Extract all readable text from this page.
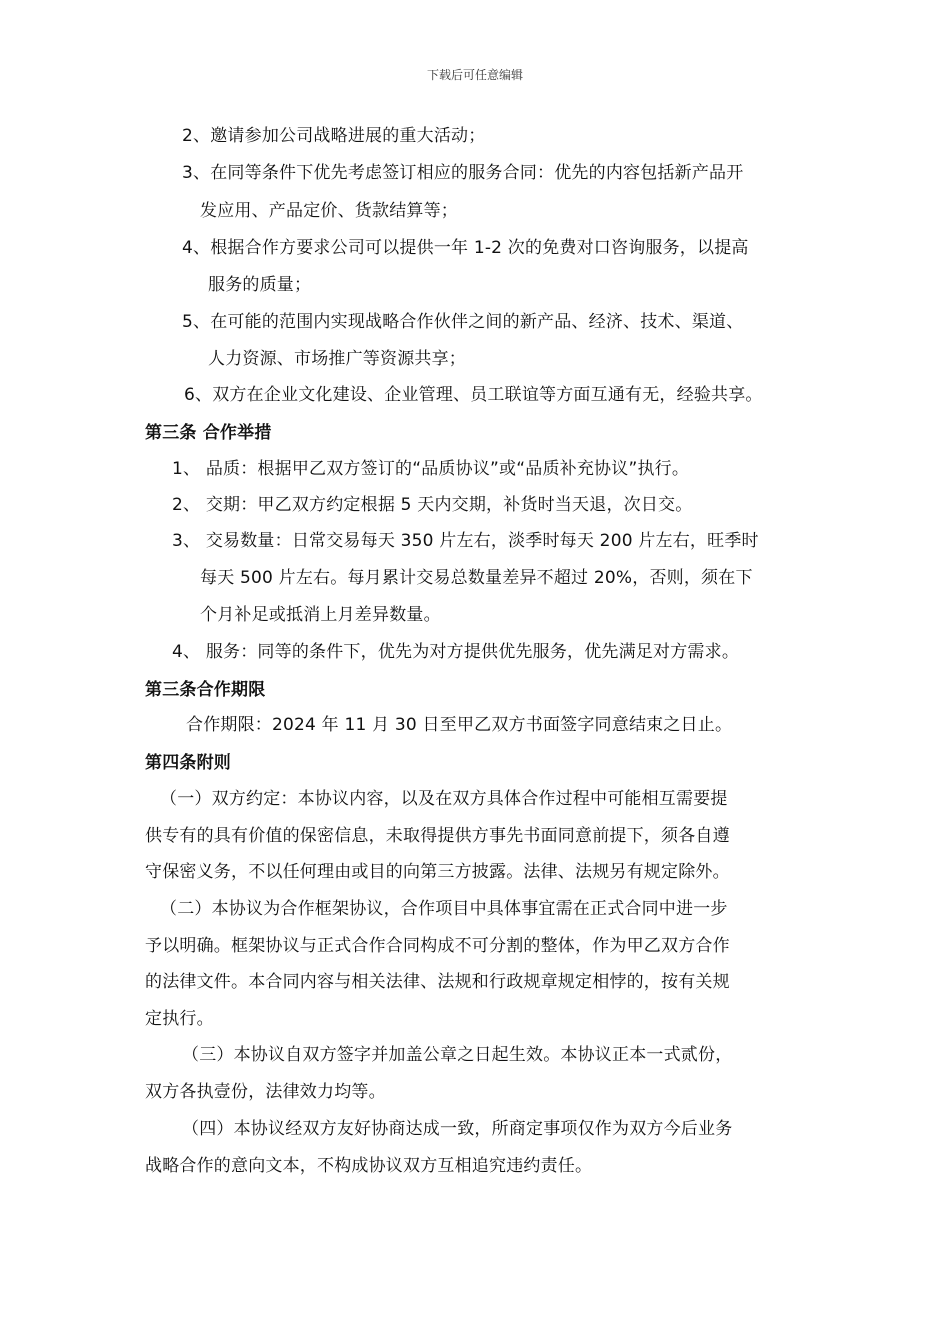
下载后可任意编辑
2、邀请参加公司战略进展的重大活动；
3、在同等条件下优先考虑签订相应的服务合同：优先的内容包括新产品开
发应用、产品定价、货款结算等；
4、根据合作方要求公司可以提供一年 1-2 次的免费对口咨询服务，以提高
服务的质量；
5、在可能的范围内实现战略合作伙伴之间的新产品、经济、技术、渠道、
人力资源、市场推广等资源共享；
6、双方在企业文化建设、企业管理、员工联谊等方面互通有无，经验共享。
第三条 合作举措
1、 品质：根据甲乙双方签订的“品质协议”或“品质补充协议”执行。
2、 交期：甲乙双方约定根据 5 天内交期，补货时当天退，次日交。
3、 交易数量：日常交易每天 350 片左右，淡季时每天 200 片左右，旺季时
每天 500 片左右。每月累计交易总数量差异不超过 20%，否则，须在下
个月补足或抵消上月差异数量。
4、 服务：同等的条件下，优先为对方提供优先服务，优先满足对方需求。
第三条合作期限
合作期限：2024 年 11 月 30 日至甲乙双方书面签字同意结束之日止。
第四条附则
（一）双方约定：本协议内容，以及在双方具体合作过程中可能相互需要提
供专有的具有价值的保密信息，未取得提供方事先书面同意前提下，须各自遵
守保密义务，不以任何理由或目的向第三方披露。法律、法规另有规定除外。
（二）本协议为合作框架协议，合作项目中具体事宜需在正式合同中进一步
予以明确。框架协议与正式合作合同构成不可分割的整体，作为甲乙双方合作
的法律文件。本合同内容与相关法律、法规和行政规章规定相悖的，按有关规
定执行。
（三）本协议自双方签字并加盖公章之日起生效。本协议正本一式贰份，
双方各执壹份，法律效力均等。
（四）本协议经双方友好协商达成一致，所商定事项仅作为双方今后业务
战略合作的意向文本，不构成协议双方互相追究违约责任。
